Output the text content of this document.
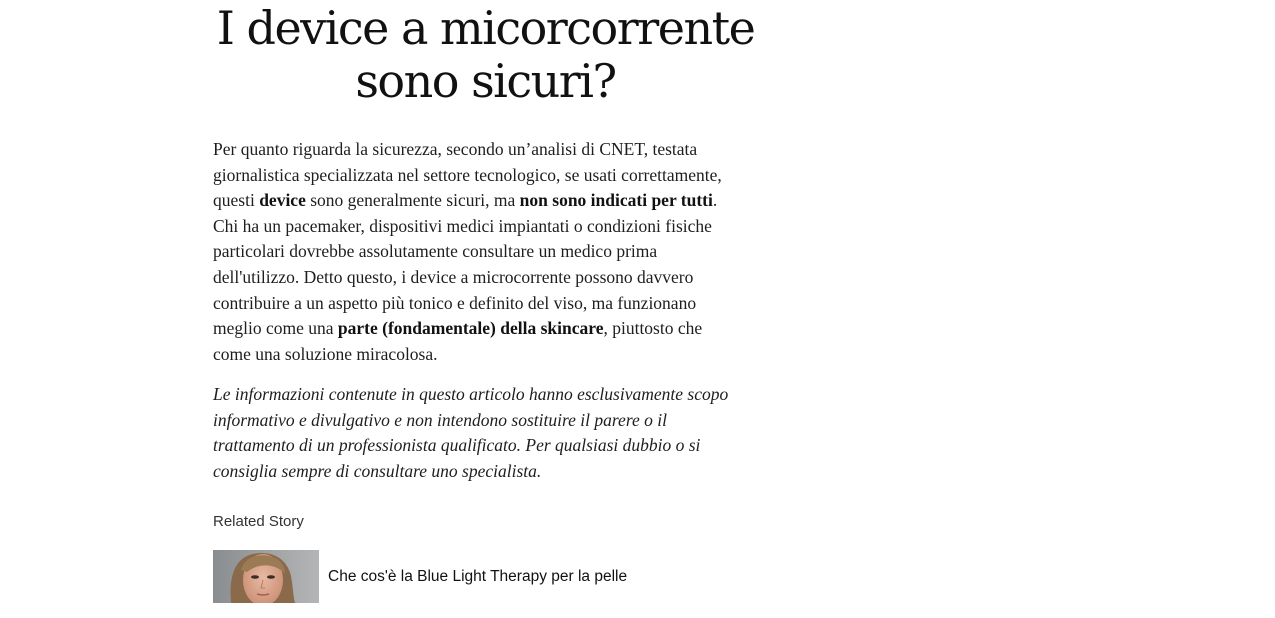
I device a micorcorrente
sono sicuri?

Per quanto riguarda la sicurezza, secondo un’analisi di CNET, testata giornalistica specializzata nel settore tecnologico, se usati correttamente, questi device sono generalmente sicuri, ma non sono indicati per tutti. Chi ha un pacemaker, dispositivi medici impiantati o condizioni fisiche particolari dovrebbe assolutamente consultare un medico prima dell'utilizzo. Detto questo, i device a microcorrente possono davvero contribuire a un aspetto più tonico e definito del viso, ma funzionano meglio come una parte (fondamentale) della skincare, piuttosto che come una soluzione miracolosa.

Le informazioni contenute in questo articolo hanno esclusivamente scopo informativo e divulgativo e non intendono sostituire il parere o il trattamento di un professionista qualificato. Per qualsiasi dubbio o si consiglia sempre di consultare uno specialista.

Related Story
Che cos'è la Blue Light Therapy per la pelle
